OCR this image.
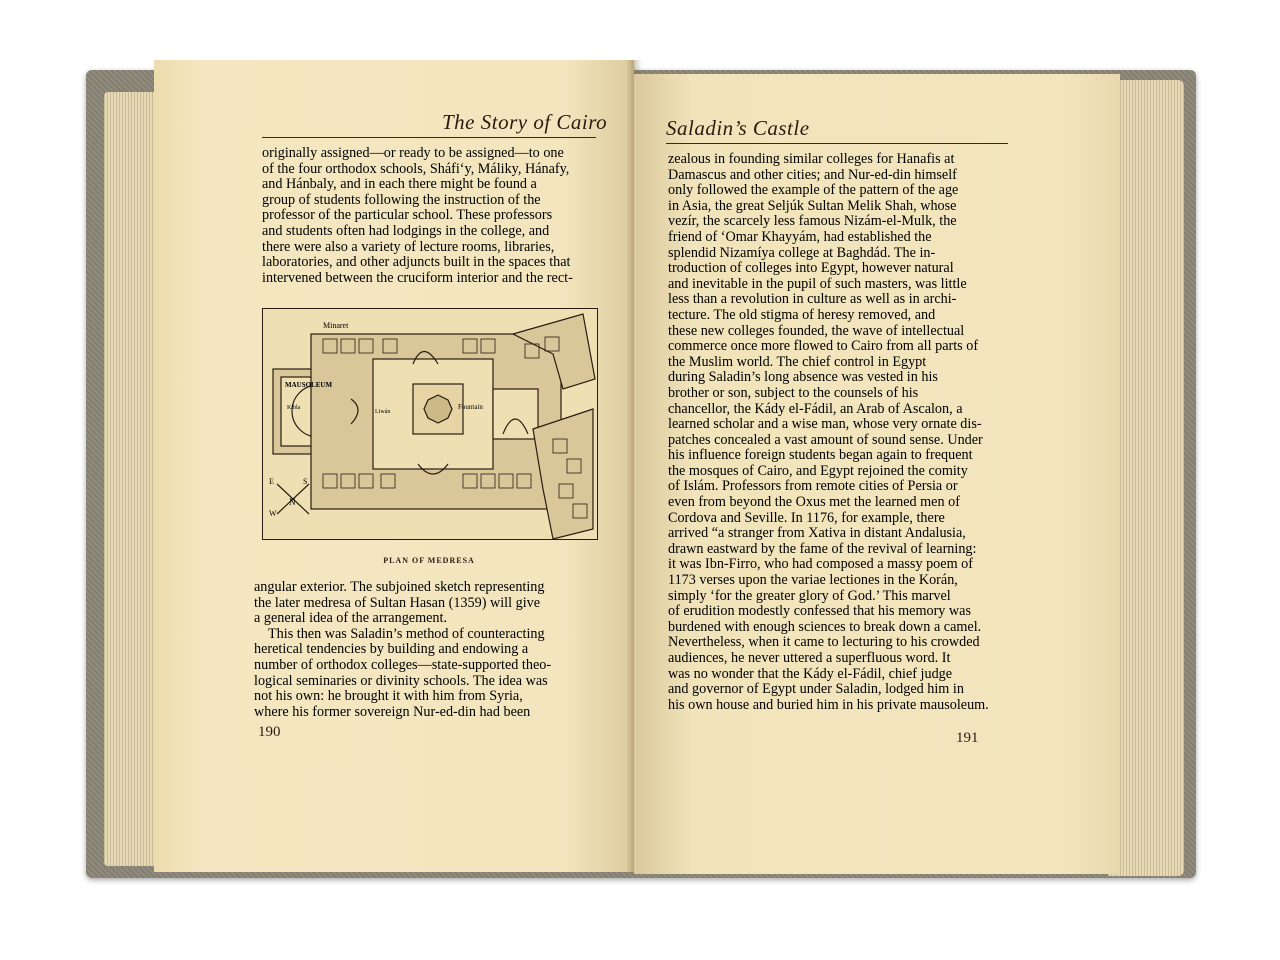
The Story of Cairo
originally assigned—or ready to be assigned—to one
of the four orthodox schools, Sháfi‘y, Máliky, Hánafy,
and Hánbaly, and in each there might be found a
group of students following the instruction of the
professor of the particular school. These professors
and students often had lodgings in the college, and
there were also a variety of lecture rooms, libraries,
laboratories, and other adjuncts built in the spaces that
intervened between the cruciform interior and the rect-
Minaret
MAUSOLEUM
Kibla
Liwán
Fountain
N
E	S
W
PLAN OF MEDRESA
angular exterior. The subjoined sketch representing
the later medresa of Sultan Hasan (1359) will give
a general idea of the arrangement.
This then was Saladin’s method of counteracting
heretical tendencies by building and endowing a
number of orthodox colleges—state-supported theo-
logical seminaries or divinity schools. The idea was
not his own: he brought it with him from Syria,
where his former sovereign Nur-ed-din had been
190
Saladin’s Castle
zealous in founding similar colleges for Hanafis at
Damascus and other cities; and Nur-ed-din himself
only followed the example of the pattern of the age
in Asia, the great Seljúk Sultan Melik Shah, whose
vezír, the scarcely less famous Nizám-el-Mulk, the
friend of ‘Omar Khayyám, had established the
splendid Nizamíya college at Baghdád. The in-
troduction of colleges into Egypt, however natural
and inevitable in the pupil of such masters, was little
less than a revolution in culture as well as in archi-
tecture. The old stigma of heresy removed, and
these new colleges founded, the wave of intellectual
commerce once more flowed to Cairo from all parts of
the Muslim world. The chief control in Egypt
during Saladin’s long absence was vested in his
brother or son, subject to the counsels of his
chancellor, the Kády el-Fádil, an Arab of Ascalon, a
learned scholar and a wise man, whose very ornate dis-
patches concealed a vast amount of sound sense. Under
his influence foreign students began again to frequent
the mosques of Cairo, and Egypt rejoined the comity
of Islám. Professors from remote cities of Persia or
even from beyond the Oxus met the learned men of
Cordova and Seville. In 1176, for example, there
arrived “a stranger from Xativa in distant Andalusia,
drawn eastward by the fame of the revival of learning:
it was Ibn-Firro, who had composed a massy poem of
1173 verses upon the variae lectiones in the Korán,
simply ‘for the greater glory of God.’ This marvel
of erudition modestly confessed that his memory was
burdened with enough sciences to break down a camel.
Nevertheless, when it came to lecturing to his crowded
audiences, he never uttered a superfluous word. It
was no wonder that the Kády el-Fádil, chief judge
and governor of Egypt under Saladin, lodged him in
his own house and buried him in his private mausoleum.
191
